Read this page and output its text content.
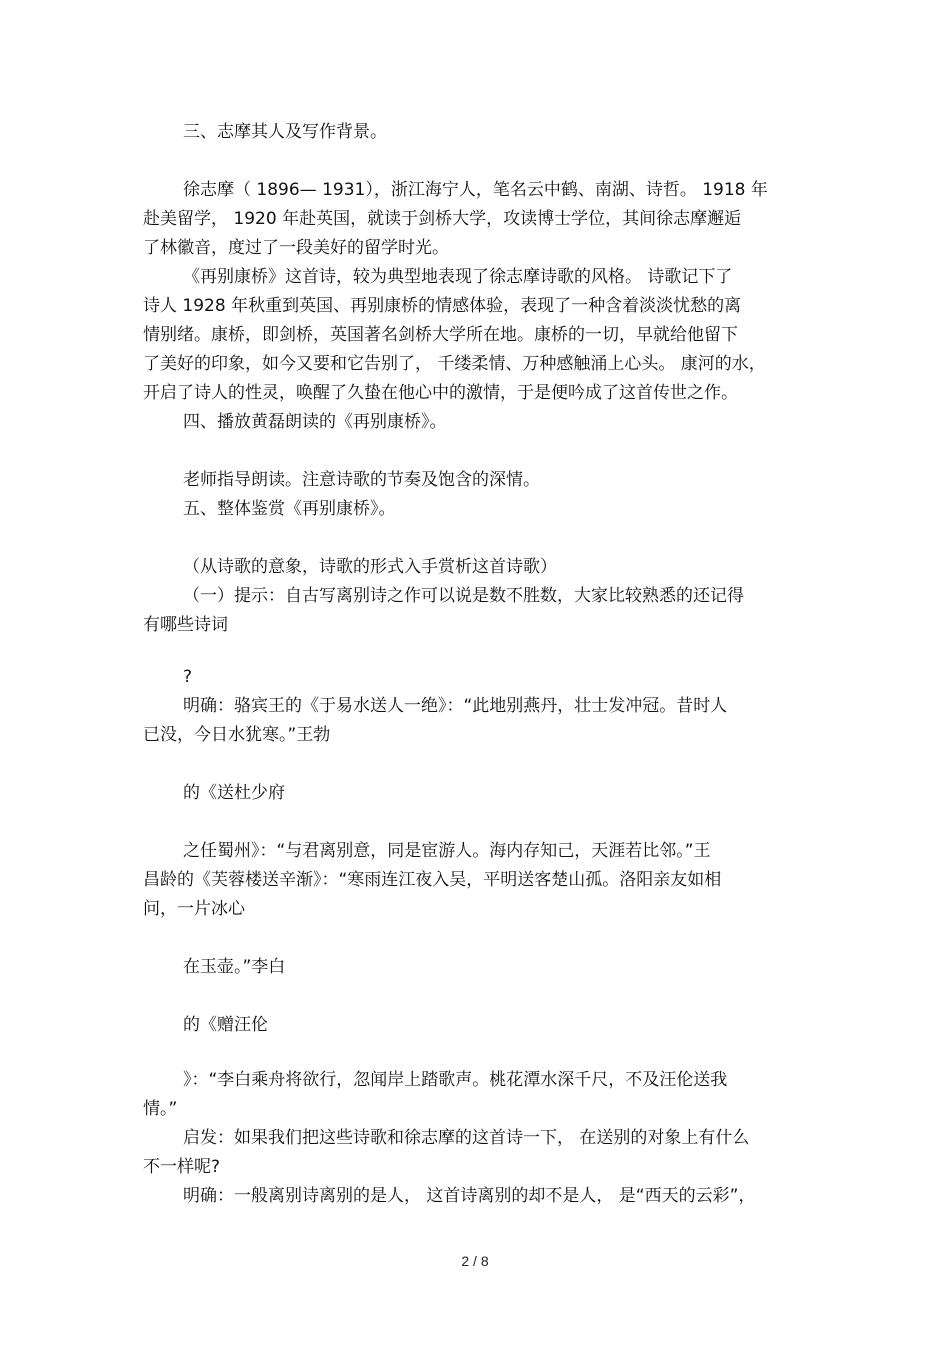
三、志摩其人及写作背景。

徐志摩（ 1896— 1931），浙江海宁人，笔名云中鹤、南湖、诗哲。 1918 年

赴美留学， 1920 年赴英国，就读于剑桥大学，攻读博士学位，其间徐志摩邂逅

了林徽音，度过了一段美好的留学时光。

《再别康桥》这首诗，较为典型地表现了徐志摩诗歌的风格。 诗歌记下了

诗人 1928 年秋重到英国、再别康桥的情感体验，表现了一种含着淡淡忧愁的离

情别绪。康桥，即剑桥，英国著名剑桥大学所在地。康桥的一切，早就给他留下

了美好的印象，如今又要和它告别了， 千缕柔情、万种感触涌上心头。 康河的水，

开启了诗人的性灵，唤醒了久蛰在他心中的激情，于是便吟成了这首传世之作。

四、播放黄磊朗读的《再别康桥》。

老师指导朗读。注意诗歌的节奏及饱含的深情。

五、整体鉴赏《再别康桥》。

（从诗歌的意象，诗歌的形式入手赏析这首诗歌）

（一）提示：自古写离别诗之作可以说是数不胜数，大家比较熟悉的还记得

有哪些诗词

?

明确：骆宾王的《于易水送人一绝》：“此地别燕丹，壮士发冲冠。昔时人

已没，今日水犹寒。”王勃

的《送杜少府

之任蜀州》：“与君离别意，同是宦游人。海内存知己，天涯若比邻。”王

昌龄的《芙蓉楼送辛渐》：“寒雨连江夜入吴，平明送客楚山孤。洛阳亲友如相

问，一片冰心

在玉壶。”李白

的《赠汪伦

》：“李白乘舟将欲行，忽闻岸上踏歌声。桃花潭水深千尺，不及汪伦送我

情。”

启发：如果我们把这些诗歌和徐志摩的这首诗一下， 在送别的对象上有什么

不一样呢?

明确：一般离别诗离别的是人， 这首诗离别的却不是人， 是“西天的云彩”，

2 / 8
